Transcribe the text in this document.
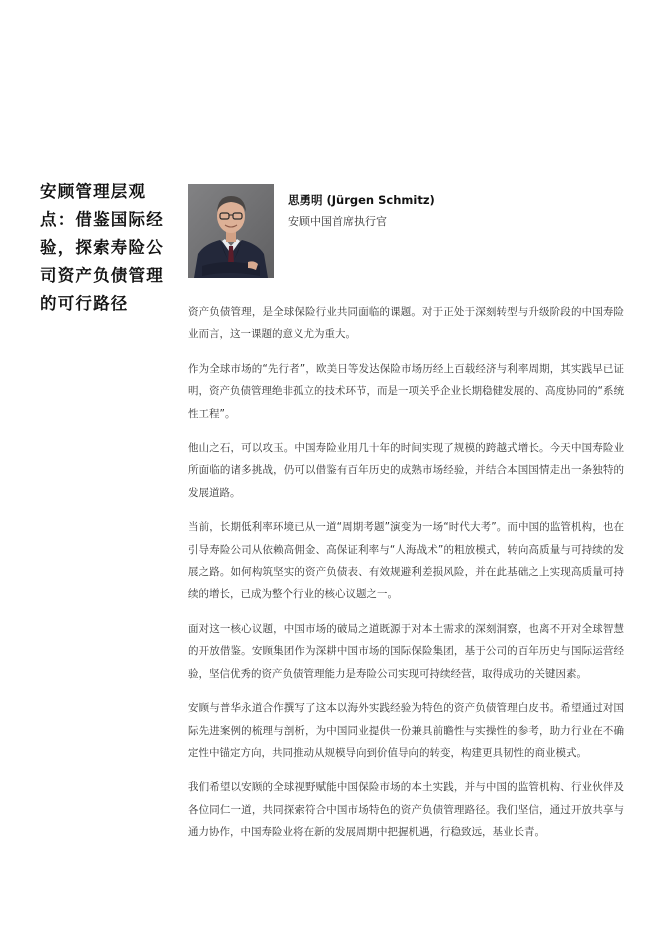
安顾管理层观点：借鉴国际经验，探索寿险公司资产负债管理的可行路径
思勇明 (Jürgen Schmitz)
安顾中国首席执行官

资产负债管理，是全球保险行业共同面临的课题。对于正处于深刻转型与升级阶段的中国寿险业而言，这一课题的意义尤为重大。

作为全球市场的“先行者”，欧美日等发达保险市场历经上百载经济与利率周期，其实践早已证明，资产负债管理绝非孤立的技术环节，而是一项关乎企业长期稳健发展的、高度协同的“系统性工程”。

他山之石，可以攻玉。中国寿险业用几十年的时间实现了规模的跨越式增长。今天中国寿险业所面临的诸多挑战，仍可以借鉴有百年历史的成熟市场经验，并结合本国国情走出一条独特的发展道路。

当前，长期低利率环境已从一道“周期考题”演变为一场“时代大考”。而中国的监管机构，也在引导寿险公司从依赖高佣金、高保证利率与“人海战术”的粗放模式，转向高质量与可持续的发展之路。如何构筑坚实的资产负债表、有效规避利差损风险，并在此基础之上实现高质量可持续的增长，已成为整个行业的核心议题之一。

面对这一核心议题，中国市场的破局之道既源于对本土需求的深刻洞察，也离不开对全球智慧的开放借鉴。安顾集团作为深耕中国市场的国际保险集团，基于公司的百年历史与国际运营经验，坚信优秀的资产负债管理能力是寿险公司实现可持续经营，取得成功的关键因素。

安顾与普华永道合作撰写了这本以海外实践经验为特色的资产负债管理白皮书。希望通过对国际先进案例的梳理与剖析，为中国同业提供一份兼具前瞻性与实操性的参考，助力行业在不确定性中锚定方向，共同推动从规模导向到价值导向的转变，构建更具韧性的商业模式。

我们希望以安顾的全球视野赋能中国保险市场的本土实践，并与中国的监管机构、行业伙伴及各位同仁一道，共同探索符合中国市场特色的资产负债管理路径。我们坚信，通过开放共享与通力协作，中国寿险业将在新的发展周期中把握机遇，行稳致远，基业长青。
